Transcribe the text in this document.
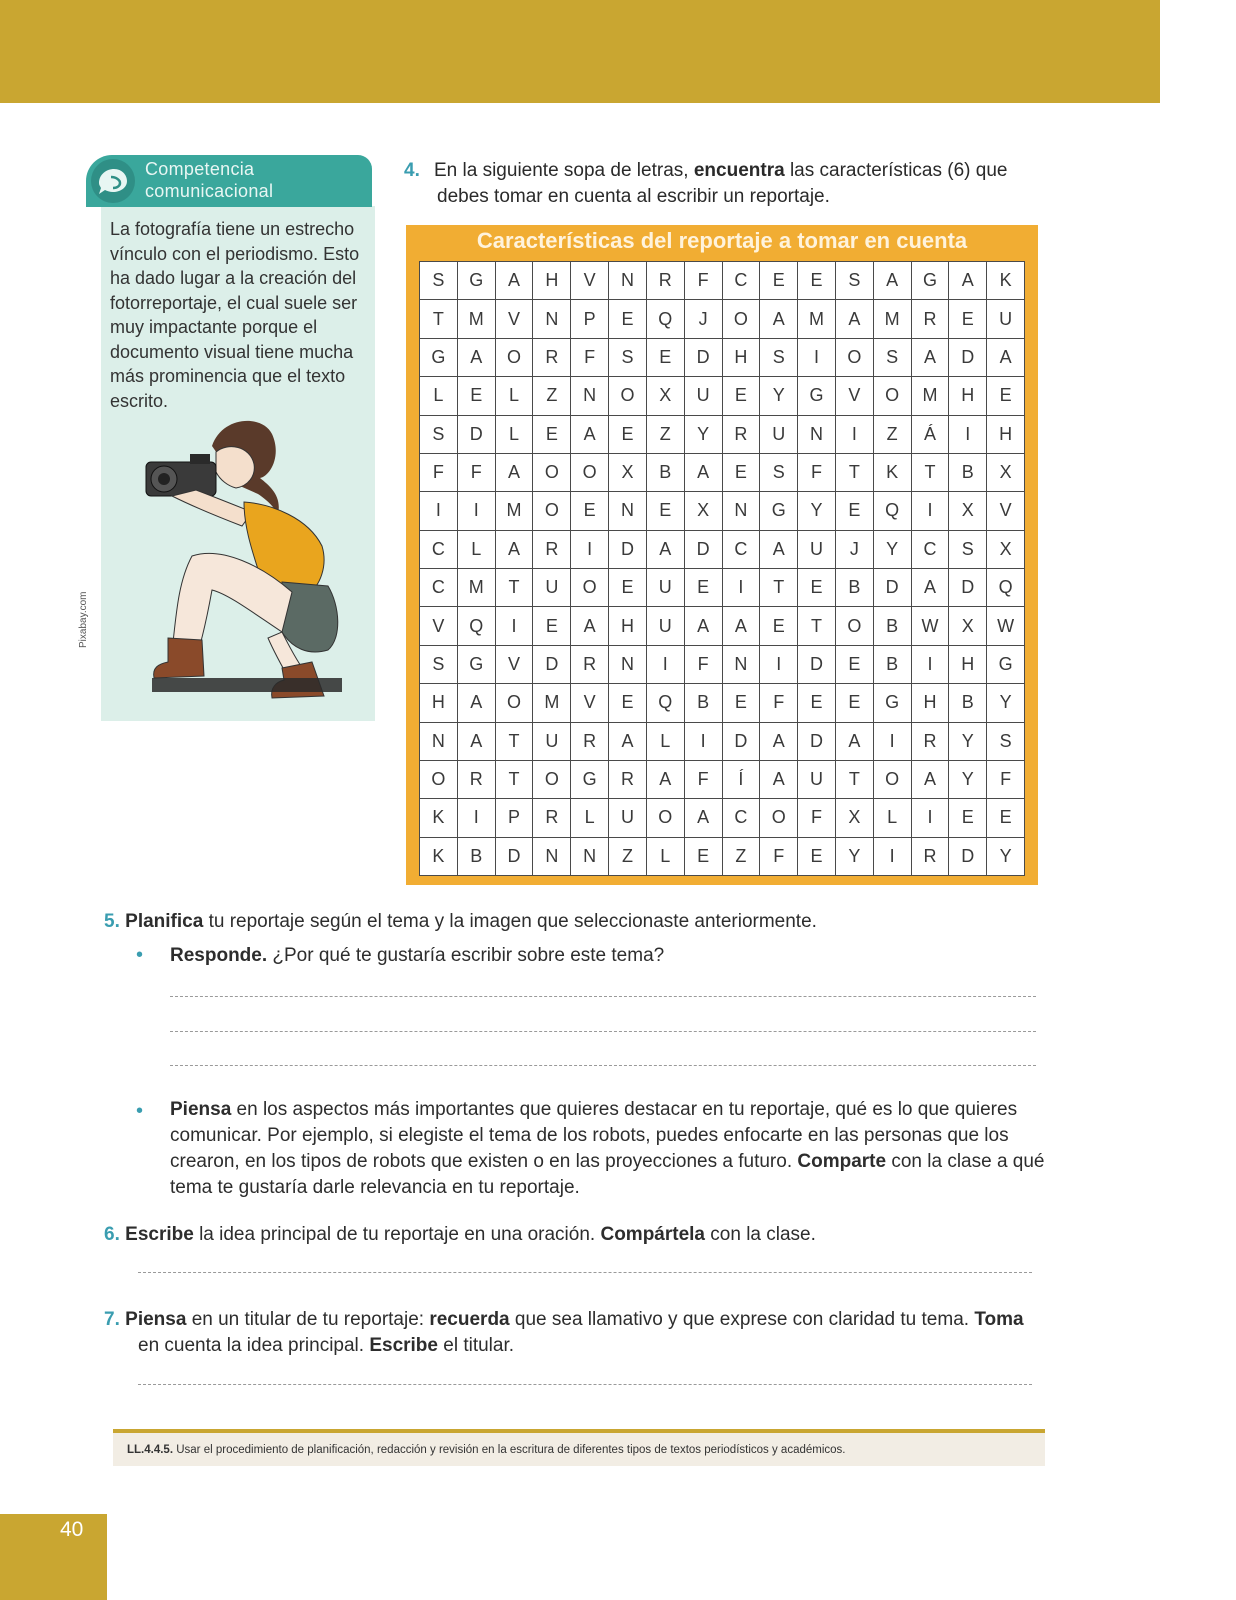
Competencia
comunicacional
La fotografía tiene un estrecho vínculo con el periodismo. Esto ha dado lugar a la creación del fotorreportaje, el cual suele ser muy impactante porque el documento visual tiene mucha más prominencia que el texto escrito.
Pixabay.com
4. En la siguiente sopa de letras, encuentra las características (6) que
debes tomar en cuenta al escribir un reportaje.
Características del reportaje a tomar en cuenta
S	G	A	H	V	N	R	F	C	E	E	S	A	G	A	K
T	M	V	N	P	E	Q	J	O	A	M	A	M	R	E	U
G	A	O	R	F	S	E	D	H	S	I	O	S	A	D	A
L	E	L	Z	N	O	X	U	E	Y	G	V	O	M	H	E
S	D	L	E	A	E	Z	Y	R	U	N	I	Z	Á	I	H
F	F	A	O	O	X	B	A	E	S	F	T	K	T	B	X
I	I	M	O	E	N	E	X	N	G	Y	E	Q	I	X	V
C	L	A	R	I	D	A	D	C	A	U	J	Y	C	S	X
C	M	T	U	O	E	U	E	I	T	E	B	D	A	D	Q
V	Q	I	E	A	H	U	A	A	E	T	O	B	W	X	W
S	G	V	D	R	N	I	F	N	I	D	E	B	I	H	G
H	A	O	M	V	E	Q	B	E	F	E	E	G	H	B	Y
N	A	T	U	R	A	L	I	D	A	D	A	I	R	Y	S
O	R	T	O	G	R	A	F	Í	A	U	T	O	A	Y	F
K	I	P	R	L	U	O	A	C	O	F	X	L	I	E	E
K	B	D	N	N	Z	L	E	Z	F	E	Y	I	R	D	Y
5. Planifica tu reportaje según el tema y la imagen que seleccionaste anteriormente.
• Responde. ¿Por qué te gustaría escribir sobre este tema?
• Piensa en los aspectos más importantes que quieres destacar en tu reportaje, qué es lo que quieres
comunicar. Por ejemplo, si elegiste el tema de los robots, puedes enfocarte en las personas que los
crearon, en los tipos de robots que existen o en las proyecciones a futuro. Comparte con la clase a qué
tema te gustaría darle relevancia en tu reportaje.
6. Escribe la idea principal de tu reportaje en una oración. Compártela con la clase.
7. Piensa en un titular de tu reportaje: recuerda que sea llamativo y que exprese con claridad tu tema. Toma
en cuenta la idea principal. Escribe el titular.
LL.4.4.5. Usar el procedimiento de planificación, redacción y revisión en la escritura de diferentes tipos de textos periodísticos y académicos.
40
